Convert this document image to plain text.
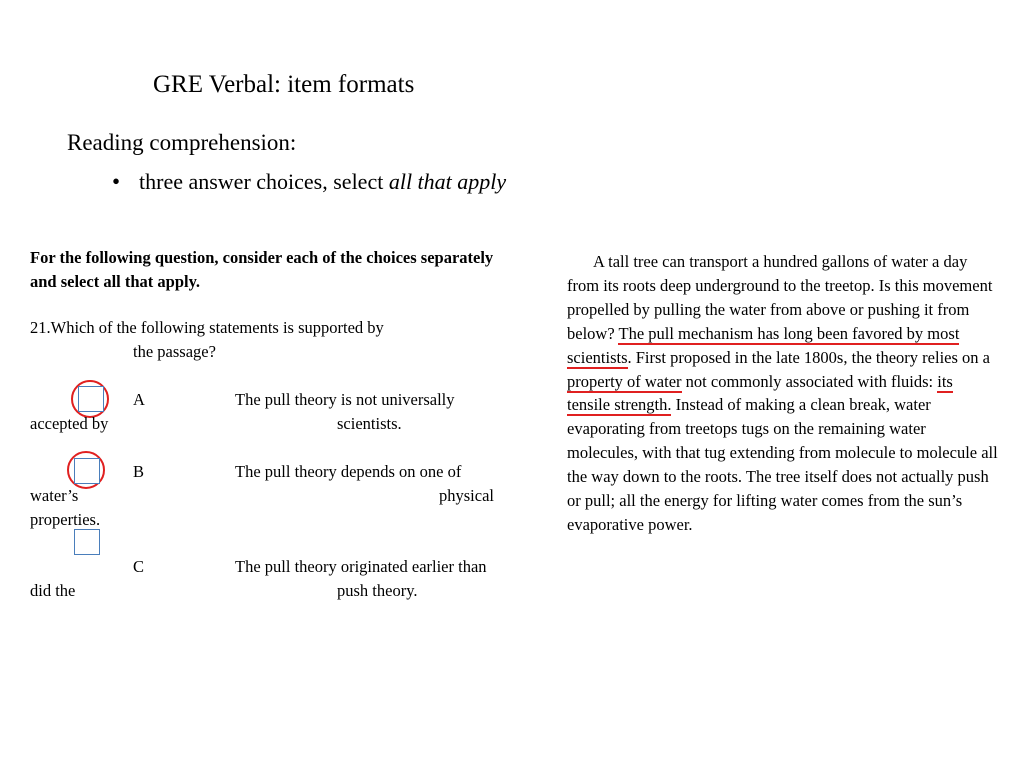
GRE Verbal: item formats
Reading comprehension:
• three answer choices, select all that apply
For the following question, consider each of the choices separately and select all that apply.
21.Which of the following statements is supported by
the passage?
A	The pull theory is not universally
accepted by	scientists.
B	The pull theory depends on one of
water’s	physical
properties.
C	The pull theory originated earlier than
did the	push theory.
A tall tree can transport a hundred gallons of water a day from its roots deep underground to the treetop. Is this movement propelled by pulling the water from above or pushing it from below? The pull mechanism has long been favored by most scientists. First proposed in the late 1800s, the theory relies on a property of water not commonly associated with fluids: its tensile strength. Instead of making a clean break, water evaporating from treetops tugs on the remaining water molecules, with that tug extending from molecule to molecule all the way down to the roots. The tree itself does not actually push or pull; all the energy for lifting water comes from the sun’s evaporative power.
